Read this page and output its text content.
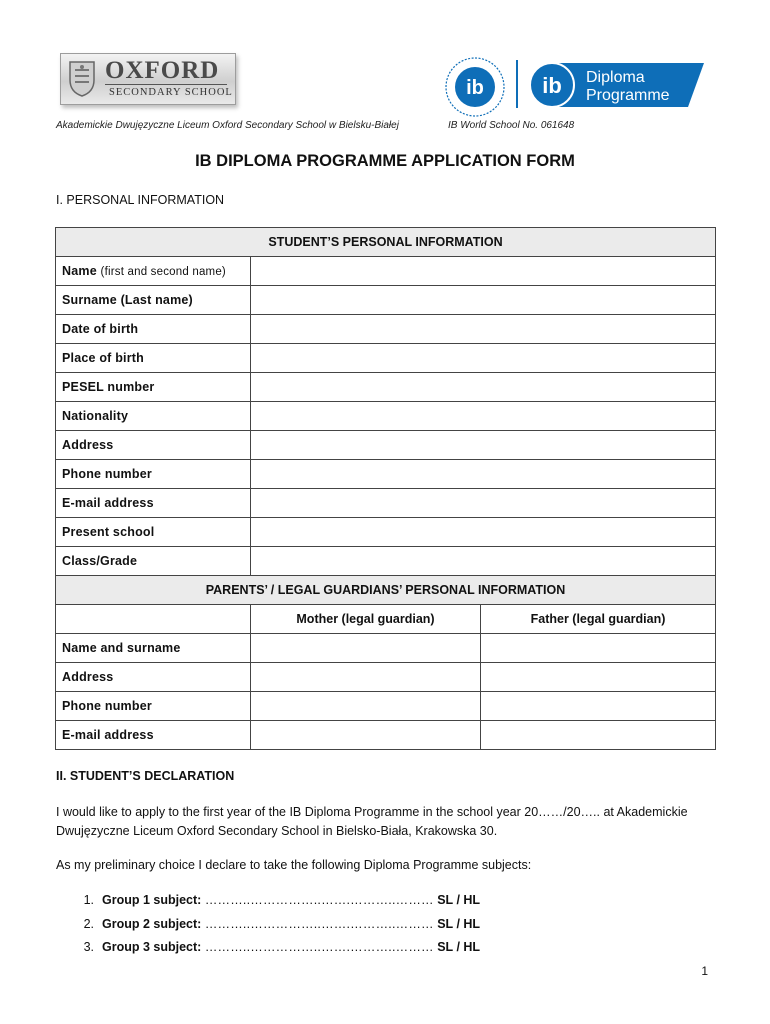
OXFORD
SECONDARY SCHOOL	ib	ib Diploma
Programme
Akademickie Dwujęzyczne Liceum Oxford Secondary School w Bielsku-Białej	IB World School No. 061648
IB DIPLOMA PROGRAMME APPLICATION FORM
I. PERSONAL INFORMATION
STUDENT’S PERSONAL INFORMATION		
Name (first and second name)		
Surname (Last name)		
Date of birth		
Place of birth		
PESEL number		
Nationality		
Address		
Phone number		
E-mail address		
Present school		
Class/Grade		
PARENTS’ / LEGAL GUARDIANS’ PERSONAL INFORMATION		
	Mother (legal guardian)	Father (legal guardian)
Name and surname		
Address		
Phone number		
E-mail address		
II. STUDENT’S DECLARATION
I would like to apply to the first year of the IB Diploma Programme in the school year 20……/20….. at Akademickie Dwujęzyczne Liceum Oxford Secondary School in Bielsko-Biała, Krakowska 30.
As my preliminary choice I declare to take the following Diploma Programme subjects:
1. Group 1 subject: ………..……………..…….………..……… SL / HL
2. Group 2 subject: ………..……………..…….………..……… SL / HL
3. Group 3 subject: ………..……………..…….………..……… SL / HL
1
